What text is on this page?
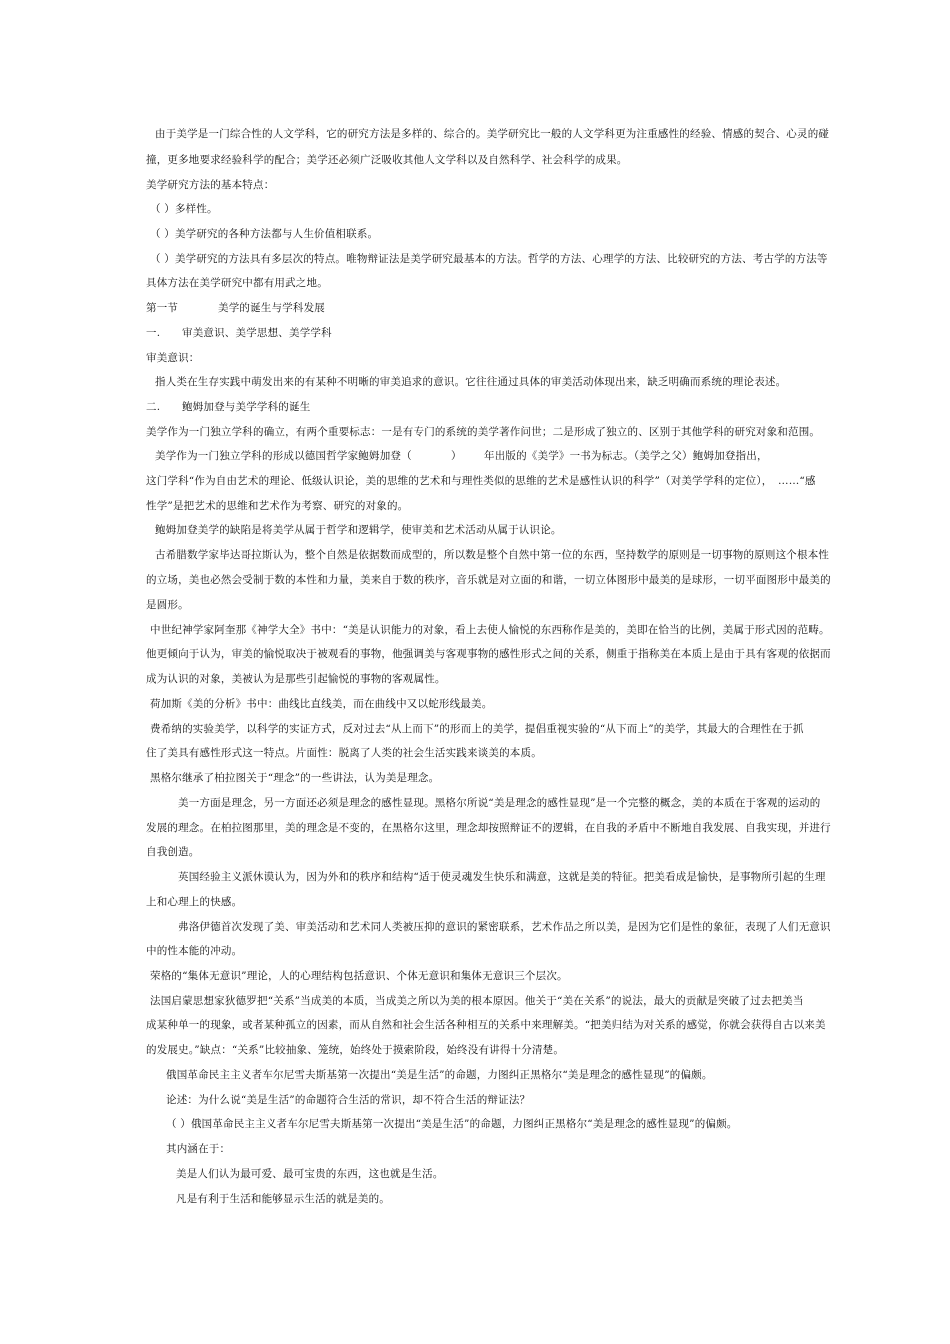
由于美学是一门综合性的人文学科，它的研究方法是多样的、综合的。美学研究比一般的人文学科更为注重感性的经验、情感的契合、心灵的碰
撞，更多地要求经验科学的配合；美学还必须广泛吸收其他人文学科以及自然科学、社会科学的成果。
美学研究方法的基本特点：
（ ）多样性。
（ ）美学研究的各种方法都与人生价值相联系。
（ ）美学研究的方法具有多层次的特点。唯物辩证法是美学研究最基本的方法。哲学的方法、心理学的方法、比较研究的方法、考古学的方法等
具体方法在美学研究中都有用武之地。
第一节	美学的诞生与学科发展
一. 审美意识、美学思想、美学学科
审美意识：
指人类在生存实践中萌发出来的有某种不明晰的审美追求的意识。它往往通过具体的审美活动体现出来，缺乏明确而系统的理论表述。
二. 鲍姆加登与美学学科的诞生
美学作为一门独立学科的确立，有两个重要标志：一是有专门的系统的美学著作问世；二是形成了独立的、区别于其他学科的研究对象和范围。
美学作为一门独立学科的形成以德国哲学家鲍姆加登（	） 年出版的《美学》一书为标志。（美学之父）鲍姆加登指出，
这门学科“作为自由艺术的理论、低级认识论，美的思维的艺术和与理性类似的思维的艺术是感性认识的科学”（对美学学科的定位）， ……“感
性学”是把艺术的思维和艺术作为考察、研究的对象的。
鲍姆加登美学的缺陷是将美学从属于哲学和逻辑学，使审美和艺术活动从属于认识论。
古希腊数学家毕达哥拉斯认为，整个自然是依据数而成型的，所以数是整个自然中第一位的东西，坚持数学的原则是一切事物的原则这个根本性
的立场，美也必然会受制于数的本性和力量，美来自于数的秩序，音乐就是对立面的和谐，一切立体图形中最美的是球形，一切平面图形中最美的
是圆形。
中世纪神学家阿奎那《神学大全》书中：“美是认识能力的对象，看上去使人愉悦的东西称作是美的，美即在恰当的比例，美属于形式因的范畴。
他更倾向于认为，审美的愉悦取决于被观看的事物，他强调美与客观事物的感性形式之间的关系，侧重于指称美在本质上是由于具有客观的依据而
成为认识的对象，美被认为是那些引起愉悦的事物的客观属性。
荷加斯《美的分析》书中：曲线比直线美，而在曲线中又以蛇形线最美。
费希纳的实验美学，以科学的实证方式，反对过去“从上而下”的形而上的美学，提倡重视实验的“从下而上”的美学，其最大的合理性在于抓
住了美具有感性形式这一特点。片面性：脱离了人类的社会生活实践来谈美的本质。
黑格尔继承了柏拉图关于“理念”的一些讲法，认为美是理念。
美一方面是理念，另一方面还必须是理念的感性显现。黑格尔所说“美是理念的感性显现”是一个完整的概念，美的本质在于客观的运动的
发展的理念。在柏拉图那里，美的理念是不变的，在黑格尔这里，理念却按照辩证不的逻辑，在自我的矛盾中不断地自我发展、自我实现，并进行
自我创造。
英国经验主义派休谟认为，因为外和的秩序和结构“适于使灵魂发生快乐和满意，这就是美的特征。把美看成是愉快，是事物所引起的生理
上和心理上的快感。
弗洛伊德首次发现了美、审美活动和艺术同人类被压抑的意识的紧密联系，艺术作品之所以美，是因为它们是性的象征，表现了人们无意识
中的性本能的冲动。
荣格的“集体无意识”理论，人的心理结构包括意识、个体无意识和集体无意识三个层次。
法国启蒙思想家狄德罗把“关系”当成美的本质，当成美之所以为美的根本原因。他关于“美在关系”的说法，最大的贡献是突破了过去把美当
成某种单一的现象，或者某种孤立的因素，而从自然和社会生活各种相互的关系中来理解美。“把美归结为对关系的感觉，你就会获得自古以来美
的发展史。”缺点：“关系”比较抽象、笼统，始终处于摸索阶段，始终没有讲得十分清楚。
俄国革命民主主义者车尔尼雪夫斯基第一次提出“美是生活”的命题，力图纠正黑格尔“美是理念的感性显现”的偏颇。
论述：为什么说“美是生活”的命题符合生活的常识，却不符合生活的辩证法？
（ ）俄国革命民主主义者车尔尼雪夫斯基第一次提出“美是生活”的命题，力图纠正黑格尔“美是理念的感性显现”的偏颇。
其内涵在于：
美是人们认为最可爱、最可宝贵的东西，这也就是生活。
凡是有利于生活和能够显示生活的就是美的。
